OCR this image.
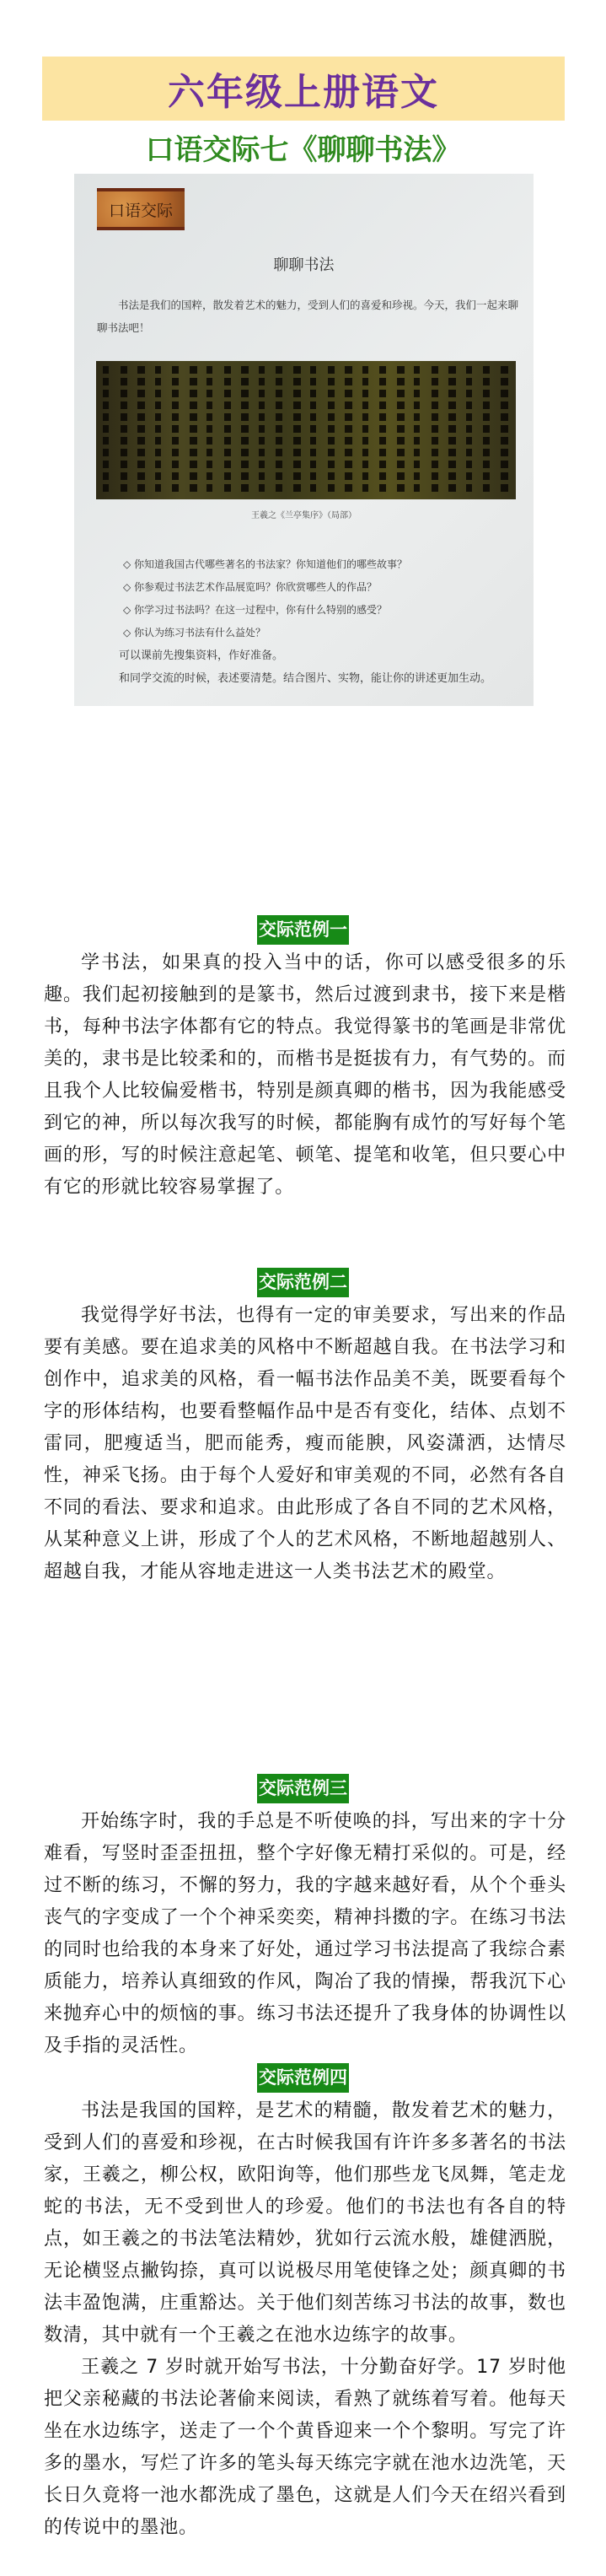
六年级上册语文
口语交际七《聊聊书法》
口语交际
聊聊书法
书法是我们的国粹，散发着艺术的魅力，受到人们的喜爱和珍视。今天，我们一起来聊聊书法吧！
王羲之《兰亭集序》（局部）
◇ 你知道我国古代哪些著名的书法家？你知道他们的哪些故事？
◇ 你参观过书法艺术作品展览吗？你欣赏哪些人的作品？
◇ 你学习过书法吗？在这一过程中，你有什么特别的感受？
◇ 你认为练习书法有什么益处？

可以课前先搜集资料，作好准备。

和同学交流的时候，表述要清楚。结合图片、实物，能让你的讲述更加生动。

交际范例一

学书法，如果真的投入当中的话，你可以感受很多的乐趣。我们起初接触到的是篆书，然后过渡到隶书，接下来是楷书，每种书法字体都有它的特点。我觉得篆书的笔画是非常优美的，隶书是比较柔和的，而楷书是挺拔有力，有气势的。而且我个人比较偏爱楷书，特别是颜真卿的楷书，因为我能感受到它的神，所以每次我写的时候，都能胸有成竹的写好每个笔画的形，写的时候注意起笔、顿笔、提笔和收笔，但只要心中有它的形就比较容易掌握了。

交际范例二

我觉得学好书法，也得有一定的审美要求，写出来的作品要有美感。要在追求美的风格中不断超越自我。在书法学习和创作中，追求美的风格，看一幅书法作品美不美，既要看每个字的形体结构，也要看整幅作品中是否有变化，结体、点划不雷同，肥瘦适当，肥而能秀，瘦而能腴，风姿潇洒，达情尽性，神采飞扬。由于每个人爱好和审美观的不同，必然有各自不同的看法、要求和追求。由此形成了各自不同的艺术风格，从某种意义上讲，形成了个人的艺术风格，不断地超越别人、超越自我，才能从容地走进这一人类书法艺术的殿堂。

交际范例三

开始练字时，我的手总是不听使唤的抖，写出来的字十分难看，写竖时歪歪扭扭，整个字好像无精打采似的。可是，经过不断的练习，不懈的努力，我的字越来越好看，从个个垂头丧气的字变成了一个个神采奕奕，精神抖擞的字。在练习书法的同时也给我的本身来了好处，通过学习书法提高了我综合素质能力，培养认真细致的作风，陶冶了我的情操，帮我沉下心来抛弃心中的烦恼的事。练习书法还提升了我身体的协调性以及手指的灵活性。

交际范例四

书法是我国的国粹，是艺术的精髓，散发着艺术的魅力，受到人们的喜爱和珍视，在古时候我国有许许多多著名的书法家，王羲之，柳公权，欧阳询等，他们那些龙飞凤舞，笔走龙蛇的书法，无不受到世人的珍爱。他们的书法也有各自的特点，如王羲之的书法笔法精妙，犹如行云流水般，雄健洒脱，无论横竖点撇钩捺，真可以说极尽用笔使锋之处；颜真卿的书法丰盈饱满，庄重豁达。关于他们刻苦练习书法的故事，数也数清，其中就有一个王羲之在池水边练字的故事。

王羲之 7 岁时就开始写书法，十分勤奋好学。17 岁时他把父亲秘藏的书法论著偷来阅读，看熟了就练着写着。他每天坐在水边练字，送走了一个个黄昏迎来一个个黎明。写完了许多的墨水，写烂了许多的笔头每天练完字就在池水边洗笔，天长日久竟将一池水都洗成了墨色，这就是人们今天在绍兴看到的传说中的墨池。
